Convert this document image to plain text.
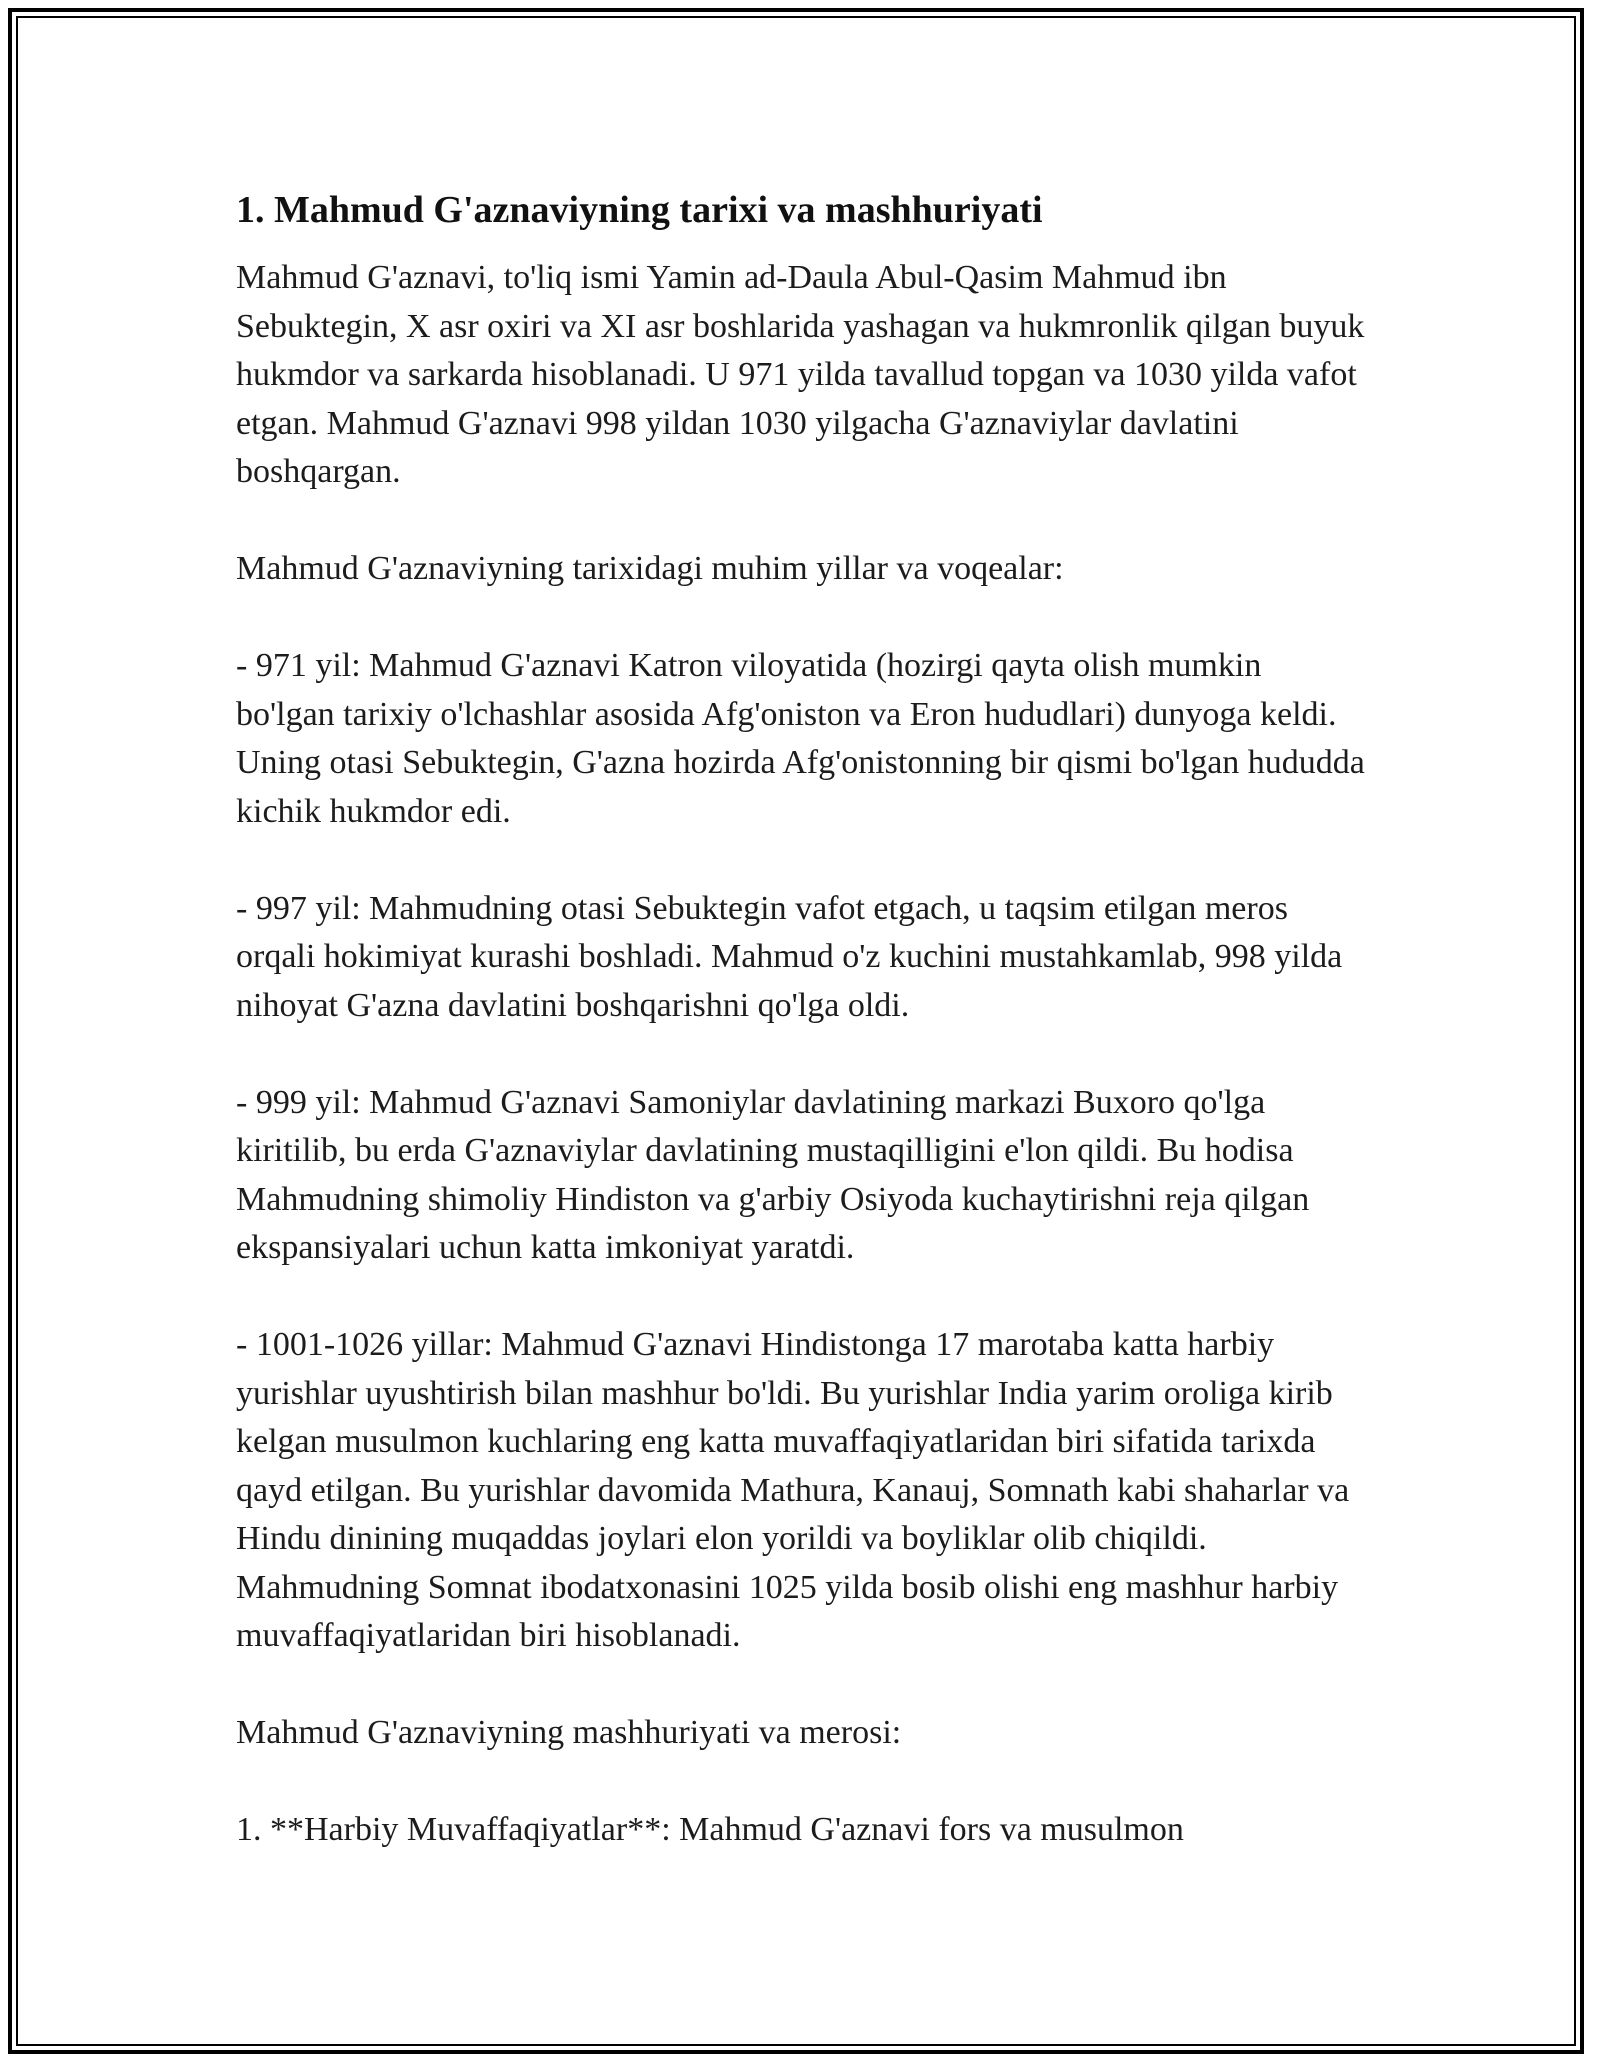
1. Mahmud G'aznaviyning tarixi va mashhuriyati

Mahmud G'aznavi, to'liq ismi Yamin ad-Daula Abul-Qasim Mahmud ibn Sebuktegin, X asr oxiri va XI asr boshlarida yashagan va hukmronlik qilgan buyuk hukmdor va sarkarda hisoblanadi. U 971 yilda tavallud topgan va 1030 yilda vafot etgan. Mahmud G'aznavi 998 yildan 1030 yilgacha G'aznaviylar davlatini boshqargan.

Mahmud G'aznaviyning tarixidagi muhim yillar va voqealar:

- 971 yil: Mahmud G'aznavi Katron viloyatida (hozirgi qayta olish mumkin bo'lgan tarixiy o'lchashlar asosida Afg'oniston va Eron hududlari) dunyoga keldi. Uning otasi Sebuktegin, G'azna hozirda Afg'onistonning bir qismi bo'lgan hududda kichik hukmdor edi.

- 997 yil: Mahmudning otasi Sebuktegin vafot etgach, u taqsim etilgan meros orqali hokimiyat kurashi boshladi. Mahmud o'z kuchini mustahkamlab, 998 yilda nihoyat G'azna davlatini boshqarishni qo'lga oldi.

- 999 yil: Mahmud G'aznavi Samoniylar davlatining markazi Buxoro qo'lga kiritilib, bu erda G'aznaviylar davlatining mustaqilligini e'lon qildi. Bu hodisa Mahmudning shimoliy Hindiston va g'arbiy Osiyoda kuchaytirishni reja qilgan ekspansiyalari uchun katta imkoniyat yaratdi.

- 1001-1026 yillar: Mahmud G'aznavi Hindistonga 17 marotaba katta harbiy yurishlar uyushtirish bilan mashhur bo'ldi. Bu yurishlar India yarim oroliga kirib kelgan musulmon kuchlaring eng katta muvaffaqiyatlaridan biri sifatida tarixda qayd etilgan. Bu yurishlar davomida Mathura, Kanauj, Somnath kabi shaharlar va Hindu dinining muqaddas joylari elon yorildi va boyliklar olib chiqildi. Mahmudning Somnat ibodatxonasini 1025 yilda bosib olishi eng mashhur harbiy muvaffaqiyatlaridan biri hisoblanadi.

Mahmud G'aznaviyning mashhuriyati va merosi:

1. **Harbiy Muvaffaqiyatlar**: Mahmud G'aznavi fors va musulmon
